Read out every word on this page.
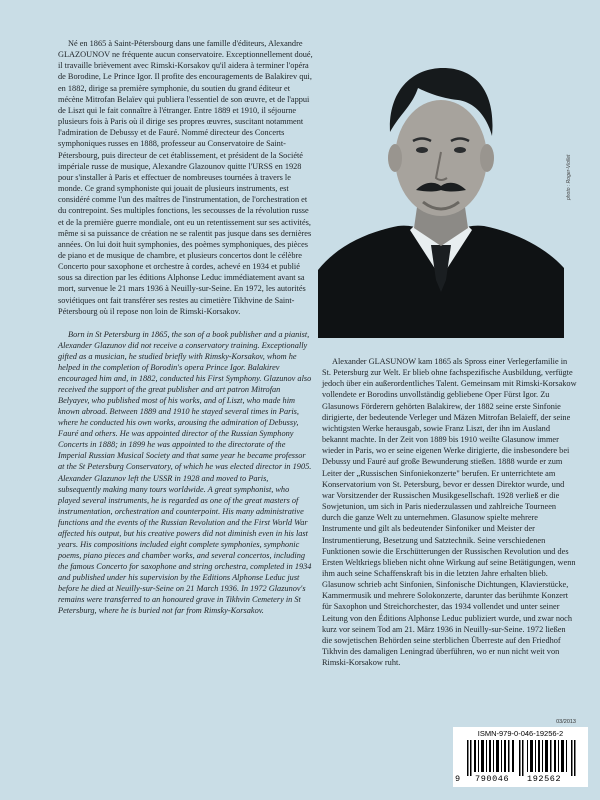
Né en 1865 à Saint-Pétersbourg dans une famille d'éditeurs, Alexandre GLAZOUNOV ne fréquente aucun conservatoire. Exceptionnellement doué, il travaille brièvement avec Rimski-Korsakov qu'il aidera à terminer l'opéra de Borodine, Le Prince Igor. Il profite des encouragements de Balakirev qui, en 1882, dirige sa première symphonie, du soutien du grand éditeur et mécène Mitrofan Belaïev qui publiera l'essentiel de son œuvre, et de l'appui de Liszt qui le fait connaître à l'étranger. Entre 1889 et 1910, il séjourne plusieurs fois à Paris où il dirige ses propres œuvres, suscitant notamment l'admiration de Debussy et de Fauré. Nommé directeur des Concerts symphoniques russes en 1888, professeur au Conservatoire de Saint-Pétersbourg, puis directeur de cet établissement, et président de la Société impériale russe de musique, Alexandre Glazounov quitte l'URSS en 1928 pour s'installer à Paris et effectuer de nombreuses tournées à travers le monde. Ce grand symphoniste qui jouait de plusieurs instruments, est considéré comme l'un des maîtres de l'instrumentation, de l'orchestration et du contrepoint. Ses multiples fonctions, les secousses de la révolution russe et de la première guerre mondiale, ont eu un retentissement sur ses activités, même si sa puissance de création ne se ralentit pas jusque dans ses dernières années. On lui doit huit symphonies, des poèmes symphoniques, des pièces de piano et de musique de chambre, et plusieurs concertos dont le célèbre Concerto pour saxophone et orchestre à cordes, achevé en 1934 et publié sous sa direction par les éditions Alphonse Leduc immédiatement avant sa mort, survenue le 21 mars 1936 à Neuilly-sur-Seine. En 1972, les autorités soviétiques ont fait transférer ses restes au cimetière Tikhvine de Saint-Pétersbourg où il repose non loin de Rimski-Korsakov.

Born in St Petersburg in 1865, the son of a book publisher and a pianist, Alexander Glazunov did not receive a conservatory training. Exceptionally gifted as a musician, he studied briefly with Rimsky-Korsakov, whom he helped in the completion of Borodin's opera Prince Igor. Balakirev encouraged him and, in 1882, conducted his First Symphony. Glazunov also received the support of the great publisher and art patron Mitrofan Belyayev, who published most of his works, and of Liszt, who made him known abroad. Between 1889 and 1910 he stayed several times in Paris, where he conducted his own works, arousing the admiration of Debussy, Fauré and others. He was appointed director of the Russian Symphony Concerts in 1888; in 1899 he was appointed to the directorate of the Imperial Russian Musical Society and that same year he became professor at the St Petersburg Conservatory, of which he was elected director in 1905. Alexander Glazunov left the USSR in 1928 and moved to Paris, subsequently making many tours worldwide. A great symphonist, who played several instruments, he is regarded as one of the great masters of instrumentation, orchestration and counterpoint. His many administrative functions and the events of the Russian Revolution and the First World War affected his output, but his creative powers did not diminish even in his last years. His compositions included eight complete symphonies, symphonic poems, piano pieces and chamber works, and several concertos, including the famous Concerto for saxophone and string orchestra, completed in 1934 and published under his supervision by the Editions Alphonse Leduc just before he died at Neuilly-sur-Seine on 21 March 1936. In 1972 Glazunov's remains were transferred to an honoured grave in Tikhvin Cemetery in St Petersburg, where he is buried not far from Rimsky-Korsakov.

photo : Roger-Viollet

Alexander GLASUNOW kam 1865 als Spross einer Verlegerfamilie in St. Petersburg zur Welt. Er blieb ohne fachspezifische Ausbildung, verfügte jedoch über ein außerordentliches Talent. Gemeinsam mit Rimski-Korsakow vollendete er Borodins unvollständig gebliebene Oper Fürst Igor. Zu Glasunows Förderern gehörten Balakirew, der 1882 seine erste Sinfonie dirigierte, der bedeutende Verleger und Mäzen Mitrofan Belaïeff, der seine wichtigsten Werke herausgab, sowie Franz Liszt, der ihn im Ausland bekannt machte. In der Zeit von 1889 bis 1910 weilte Glasunow immer wieder in Paris, wo er seine eigenen Werke dirigierte, die insbesondere bei Debussy und Fauré auf große Bewunderung stießen. 1888 wurde er zum Leiter der „Russischen Sinfoniekonzerte" berufen. Er unterrichtete am Konservatorium von St. Petersburg, bevor er dessen Direktor wurde, und war Vorsitzender der Russischen Musikgesellschaft. 1928 verließ er die Sowjetunion, um sich in Paris niederzulassen und zahlreiche Tourneen durch die ganze Welt zu unternehmen. Glasunow spielte mehrere Instrumente und gilt als bedeutender Sinfoniker und Meister der Instrumentierung, Besetzung und Satztechnik. Seine verschiedenen Funktionen sowie die Erschütterungen der Russischen Revolution und des Ersten Weltkriegs blieben nicht ohne Wirkung auf seine Betätigungen, wenn ihm auch seine Schaffenskraft bis in die letzten Jahre erhalten blieb. Glasunow schrieb acht Sinfonien, Sinfonische Dichtungen, Klavierstücke, Kammermusik und mehrere Solokonzerte, darunter das berühmte Konzert für Saxophon und Streichorchester, das 1934 vollendet und unter seiner Leitung von den Éditions Alphonse Leduc publiziert wurde, und zwar noch kurz vor seinem Tod am 21. März 1936 in Neuilly-sur-Seine. 1972 ließen die sowjetischen Behörden seine sterblichen Überreste auf den Friedhof Tikhvin des damaligen Leningrad überführen, wo er nun nicht weit von Rimski-Korsakow ruht.

03/2013
ISMN-979-0-046-19256-2
9 790046 192562
